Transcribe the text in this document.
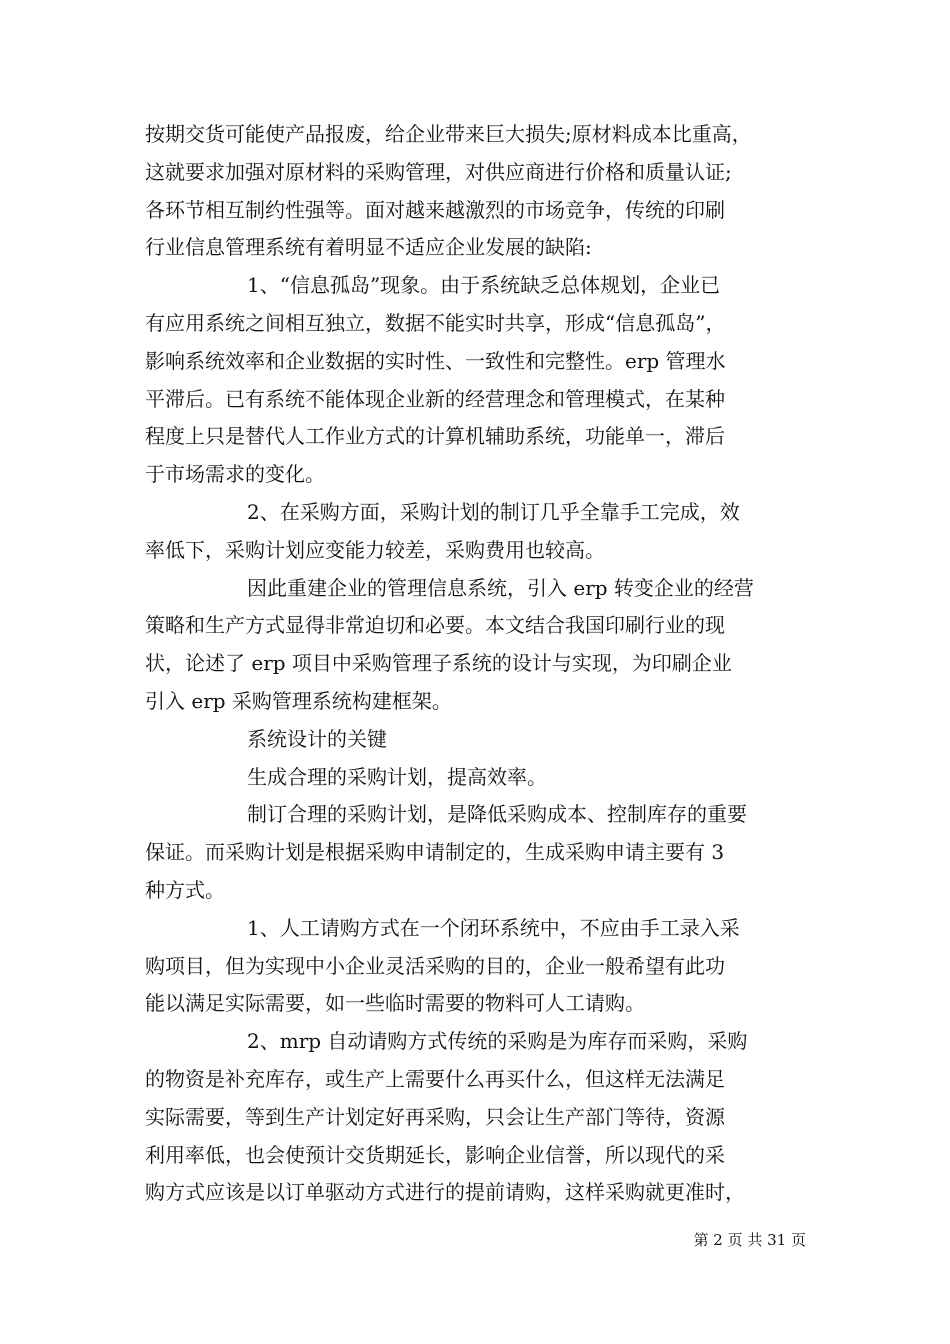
按期交货可能使产品报废，给企业带来巨大损失;原材料成本比重高，
这就要求加强对原材料的采购管理，对供应商进行价格和质量认证;
各环节相互制约性强等。面对越来越激烈的市场竞争，传统的印刷
行业信息管理系统有着明显不适应企业发展的缺陷:
1、“信息孤岛”现象。由于系统缺乏总体规划，企业已
有应用系统之间相互独立，数据不能实时共享，形成“信息孤岛”，
影响系统效率和企业数据的实时性、一致性和完整性。erp 管理水
平滞后。已有系统不能体现企业新的经营理念和管理模式，在某种
程度上只是替代人工作业方式的计算机辅助系统，功能单一，滞后
于市场需求的变化。
2、在采购方面，采购计划的制订几乎全靠手工完成，效
率低下，采购计划应变能力较差，采购费用也较高。
因此重建企业的管理信息系统，引入 erp 转变企业的经营
策略和生产方式显得非常迫切和必要。本文结合我国印刷行业的现
状，论述了 erp 项目中采购管理子系统的设计与实现，为印刷企业
引入 erp 采购管理系统构建框架。
系统设计的关键
生成合理的采购计划，提高效率。
制订合理的采购计划，是降低采购成本、控制库存的重要
保证。而采购计划是根据采购申请制定的，生成采购申请主要有 3
种方式。
1、人工请购方式在一个闭环系统中，不应由手工录入采
购项目，但为实现中小企业灵活采购的目的，企业一般希望有此功
能以满足实际需要，如一些临时需要的物料可人工请购。
2、mrp 自动请购方式传统的采购是为库存而采购，采购
的物资是补充库存，或生产上需要什么再买什么，但这样无法满足
实际需要，等到生产计划定好再采购，只会让生产部门等待，资源
利用率低，也会使预计交货期延长，影响企业信誉，所以现代的采
购方式应该是以订单驱动方式进行的提前请购，这样采购就更准时，
第 2 页 共 31 页
